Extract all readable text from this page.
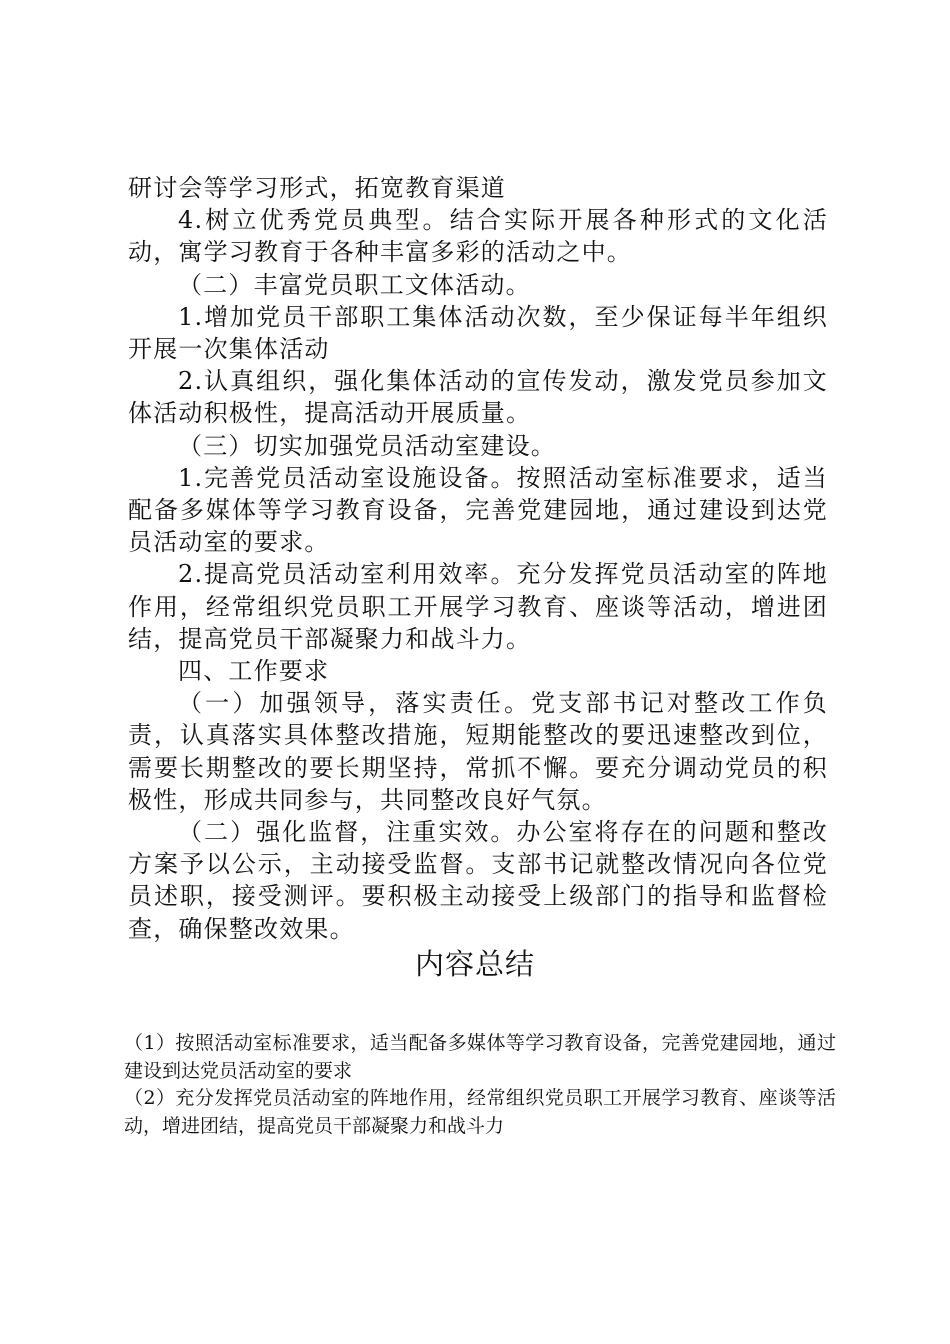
研讨会等学习形式，拓宽教育渠道

4.树立优秀党员典型。结合实际开展各种形式的文化活动，寓学习教育于各种丰富多彩的活动之中。

（二）丰富党员职工文体活动。

1.增加党员干部职工集体活动次数，至少保证每半年组织开展一次集体活动

2.认真组织，强化集体活动的宣传发动，激发党员参加文体活动积极性，提高活动开展质量。

（三）切实加强党员活动室建设。

1.完善党员活动室设施设备。按照活动室标准要求，适当配备多媒体等学习教育设备，完善党建园地，通过建设到达党员活动室的要求。

2.提高党员活动室利用效率。充分发挥党员活动室的阵地作用，经常组织党员职工开展学习教育、座谈等活动，增进团结，提高党员干部凝聚力和战斗力。

四、工作要求

（一）加强领导，落实责任。党支部书记对整改工作负责，认真落实具体整改措施，短期能整改的要迅速整改到位，需要长期整改的要长期坚持，常抓不懈。要充分调动党员的积极性，形成共同参与，共同整改良好气氛。

（二）强化监督，注重实效。办公室将存在的问题和整改方案予以公示，主动接受监督。支部书记就整改情况向各位党员述职，接受测评。要积极主动接受上级部门的指导和监督检查，确保整改效果。

内容总结

（1）按照活动室标准要求，适当配备多媒体等学习教育设备，完善党建园地，通过建设到达党员活动室的要求

（2）充分发挥党员活动室的阵地作用，经常组织党员职工开展学习教育、座谈等活动，增进团结，提高党员干部凝聚力和战斗力
